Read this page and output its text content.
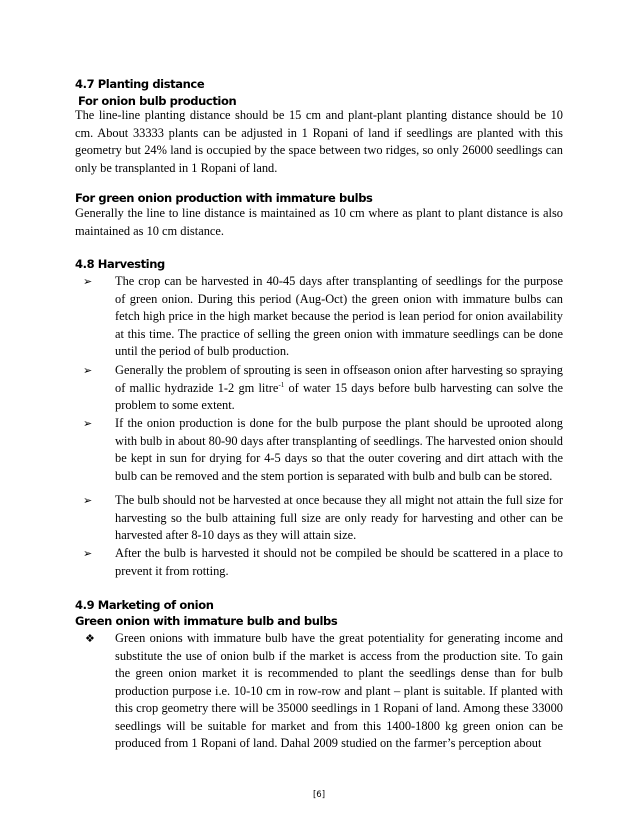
4.7 Planting distance
For onion bulb production
The line-line planting distance should be 15 cm and plant-plant planting distance should be 10 cm. About 33333 plants can be adjusted in 1 Ropani of land if seedlings are planted with this geometry but 24% land is occupied by the space between two ridges, so only 26000 seedlings can only be transplanted in 1 Ropani of land.
For green onion production with immature bulbs
Generally the line to line distance is maintained as 10 cm where as plant to plant distance is also maintained as 10 cm distance.
4.8 Harvesting
➢	The crop can be harvested in 40-45 days after transplanting of seedlings for the purpose of green onion. During this period (Aug-Oct) the green onion with immature bulbs can fetch high price in the high market because the period is lean period for onion availability at this time. The practice of selling the green onion with immature seedlings can be done until the period of bulb production.
➢	Generally the problem of sprouting is seen in offseason onion after harvesting so spraying of mallic hydrazide 1-2 gm litre$^{-1}$ of water 15 days before bulb harvesting can solve the problem to some extent.
➢	If the onion production is done for the bulb purpose the plant should be uprooted along with bulb in about 80-90 days after transplanting of seedlings. The harvested onion should be kept in sun for drying for 4-5 days so that the outer covering and dirt attach with the bulb can be removed and the stem portion is separated with bulb and bulb can be stored.
➢	The bulb should not be harvested at once because they all might not attain the full size for harvesting so the bulb attaining full size are only ready for harvesting and other can be harvested after 8-10 days as they will attain size.
➢	After the bulb is harvested it should not be compiled be should be scattered in a place to prevent it from rotting.
4.9 Marketing of onion
Green onion with immature bulb and bulbs
❖	Green onions with immature bulb have the great potentiality for generating income and substitute the use of onion bulb if the market is access from the production site. To gain the green onion market it is recommended to plant the seedlings dense than for bulb production purpose i.e. 10-10 cm in row-row and plant – plant is suitable. If planted with this crop geometry there will be 35000 seedlings in 1 Ropani of land. Among these 33000 seedlings will be suitable for market and from this 1400-1800 kg green onion can be produced from 1 Ropani of land. Dahal 2009 studied on the farmer’s perception about
[6]
